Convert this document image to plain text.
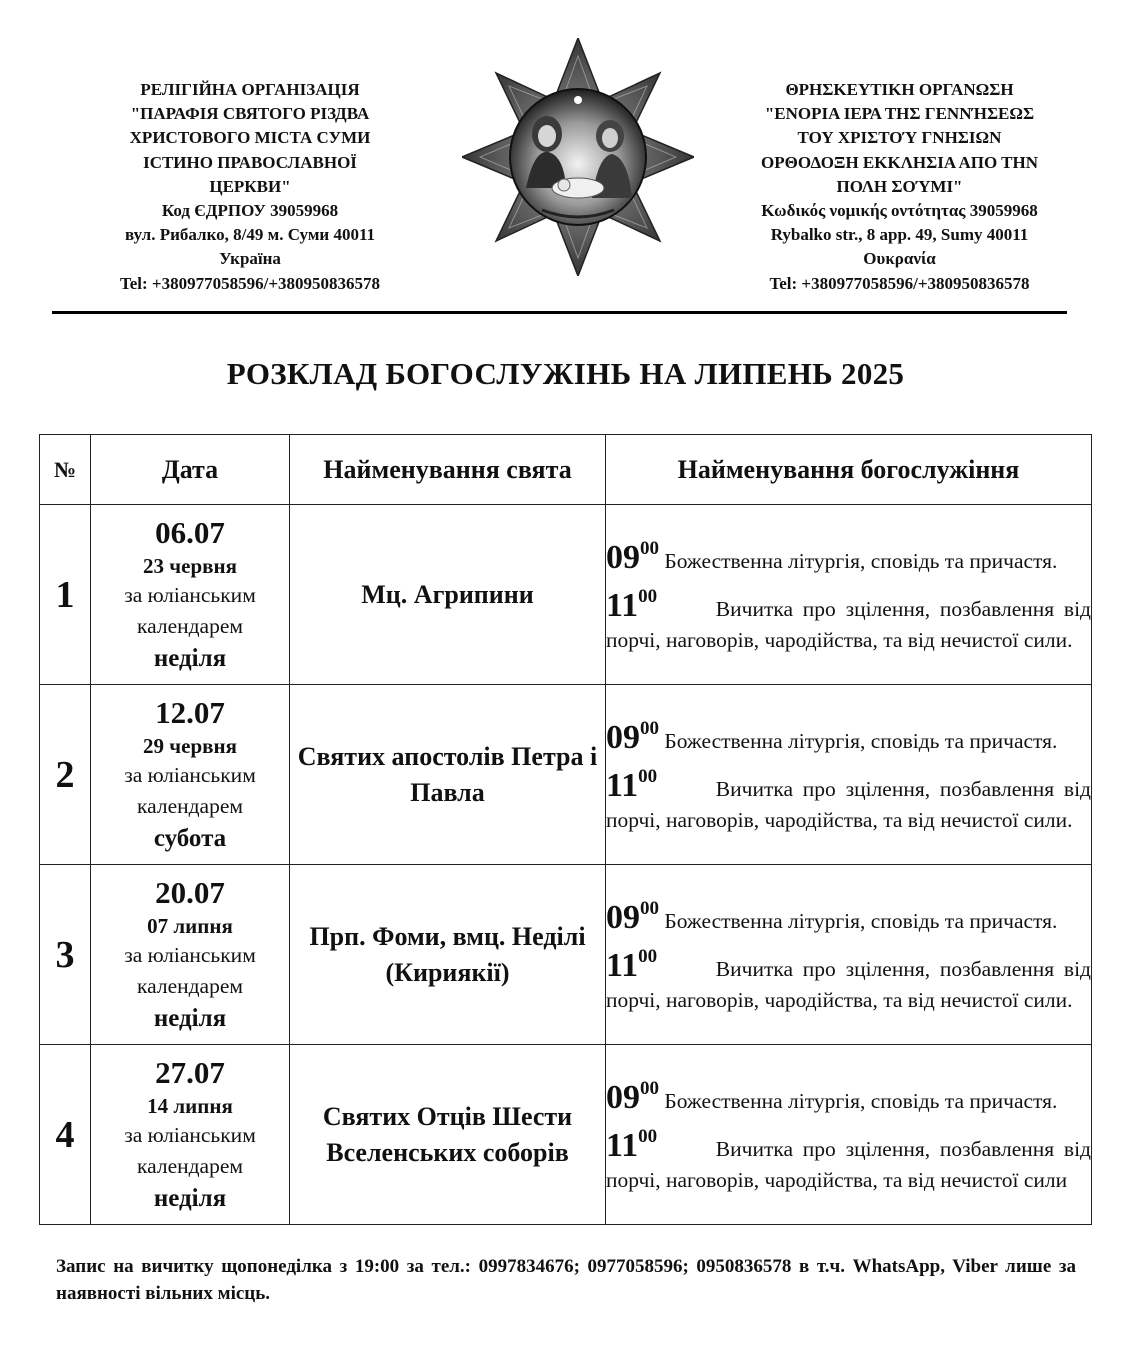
РЕЛІГІЙНА ОРГАНІЗАЦІЯ
"ПАРАФІЯ СВЯТОГО РІЗДВА
ХРИСТОВОГО МІСТА СУМИ
ІСТИНО ПРАВОСЛАВНОЇ
ЦЕРКВИ"
Код ЄДРПОУ 39059968
вул. Рибалко, 8/49 м. Суми 40011
Україна
Tel: +380977058596/+380950836578
ΘΡΗΣΚΕΥΤΙΚΗ ΟΡΓΑΝΩΣΗ
"ΕΝΟΡΙΑ ΙΕΡΑ ΤΗΣ ΓΕΝΝΉΣΕΩΣ
ΤΟΥ ΧΡΙΣΤΟΎ ΓΝΗΣΙΩΝ
ΟΡΘΟΔΟΞΗ ΕΚΚΛΗΣΙΑ ΑΠΟ ΤΗΝ
ΠΟΛΗ ΣΟΎΜΙ"
Κωδικός νομικής οντότητας 39059968
Rybalko str., 8 app. 49, Sumy 40011
Ουκρανία
Tel: +380977058596/+380950836578
РОЗКЛАД БОГОСЛУЖІНЬ НА ЛИПЕНЬ 2025
№	Дата	Найменування свята	Найменування богослужіння
1	06.07
23 червня
за юліанським
календарем
неділя	Мц. Агрипини	$09^{00}$ Божественна літургія, сповідь та причастя.
$11^{00}$      Вичитка про зцілення, позбавлення від порчі, наговорів, чародійства, та від нечистої сили.

2	12.07
29 червня
за юліанським
календарем
субота	Святих апостолів Петра і Павла	$09^{00}$ Божественна літургія, сповідь та причастя.
$11^{00}$      Вичитка про зцілення, позбавлення від порчі, наговорів, чародійства, та від нечистої сили.

3	20.07
07 липня
за юліанським
календарем
неділя	Прп. Фоми, вмц. Неділі (Кириякії)	$09^{00}$ Божественна літургія, сповідь та причастя.
$11^{00}$      Вичитка про зцілення, позбавлення від порчі, наговорів, чародійства, та від нечистої сили.

4	27.07
14 липня
за юліанським
календарем
неділя	Святих Отців Шести Вселенських соборів	$09^{00}$ Божественна літургія, сповідь та причастя.
$11^{00}$      Вичитка про зцілення, позбавлення від порчі, наговорів, чародійства, та від нечистої сили
Запис на вичитку щопонеділка з 19:00 за тел.: 0997834676; 0977058596; 0950836578 в т.ч. WhatsApp, Viber лише за наявності вільних місць.
